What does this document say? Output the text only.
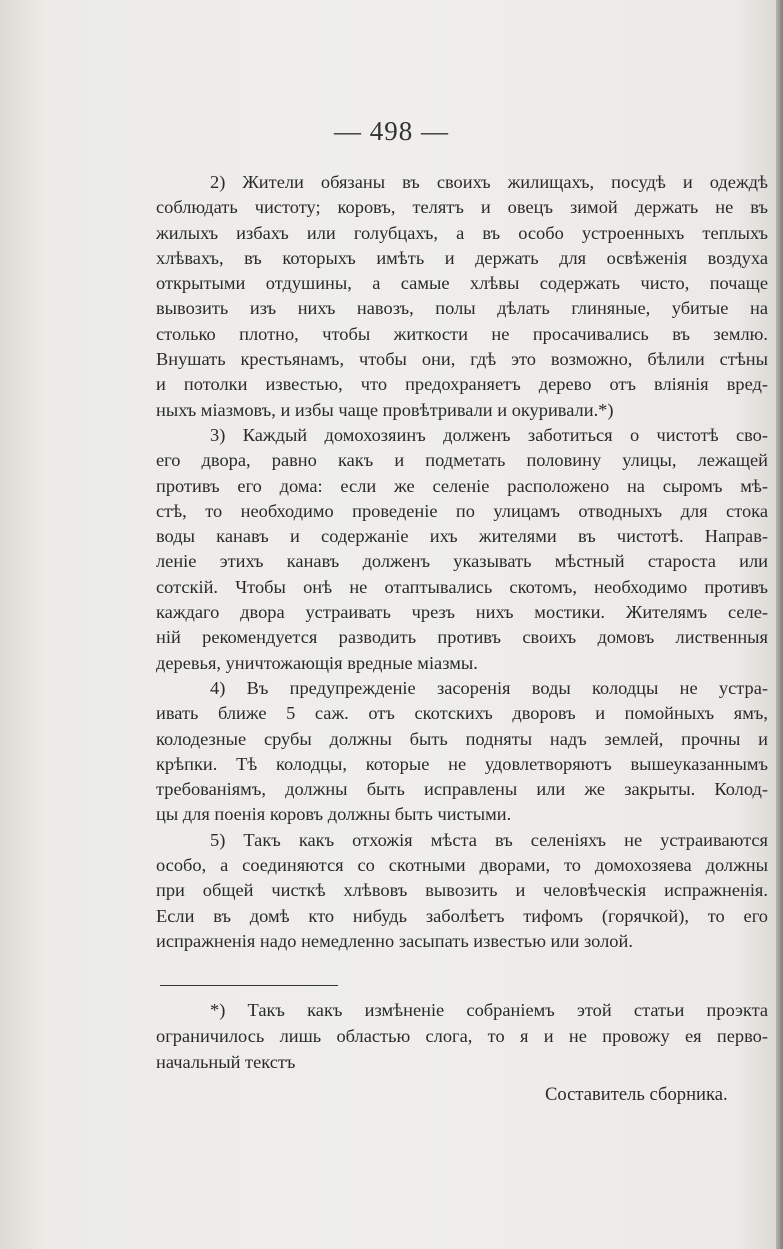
— 498 —
2) Жители обязаны въ своихъ жилищахъ, посудѣ и одеждѣ
соблюдать чистоту; коровъ, телятъ и овецъ зимой держать не въ
жилыхъ избахъ или голубцахъ, а въ особо устроенныхъ теплыхъ
хлѣвахъ, въ которыхъ имѣть и держать для освѣженія воздуха
открытыми отдушины, а самые хлѣвы содержать чисто, почаще
вывозить изъ нихъ навозъ, полы дѣлать глиняные, убитые на
столько плотно, чтобы житкости не просачивались въ землю.
Внушать крестьянамъ, чтобы они, гдѣ это возможно, бѣлили стѣны
и потолки известью, что предохраняетъ дерево отъ вліянія вред-
ныхъ міазмовъ, и избы чаще провѣтривали и окуривали.*)
3) Каждый домохозяинъ долженъ заботиться о чистотѣ сво-
его двора, равно какъ и подметать половину улицы, лежащей
противъ его дома: если же селеніе расположено на сыромъ мѣ-
стѣ, то необходимо проведеніе по улицамъ отводныхъ для стока
воды канавъ и содержаніе ихъ жителями въ чистотѣ. Направ-
леніе этихъ канавъ долженъ указывать мѣстный староста или
сотскій. Чтобы онѣ не отаптывались скотомъ, необходимо противъ
каждаго двора устраивать чрезъ нихъ мостики. Жителямъ селе-
ній рекомендуется разводить противъ своихъ домовъ лиственныя
деревья, уничтожающія вредные міазмы.
4) Въ предупрежденіе засоренія воды колодцы не устра-
ивать ближе 5 саж. отъ скотскихъ дворовъ и помойныхъ ямъ,
колодезные срубы должны быть подняты надъ землей, прочны и
крѣпки. Тѣ колодцы, которые не удовлетворяютъ вышеуказаннымъ
требованіямъ, должны быть исправлены или же закрыты. Колод-
цы для поенія коровъ должны быть чистыми.
5) Такъ какъ отхожія мѣста въ селеніяхъ не устраиваются
особо, а соединяются со скотными дворами, то домохозяева должны
при общей чисткѣ хлѣвовъ вывозить и человѣческія испражненія.
Если въ домѣ кто нибудь заболѣетъ тифомъ (горячкой), то его
испражненія надо немедленно засыпать известью или золой.
*) Такъ какъ измѣненіе собраніемъ этой статьи проэкта
ограничилось лишь областью слога, то я и не провожу ея перво-
начальный текстъ
Составитель сборника.
